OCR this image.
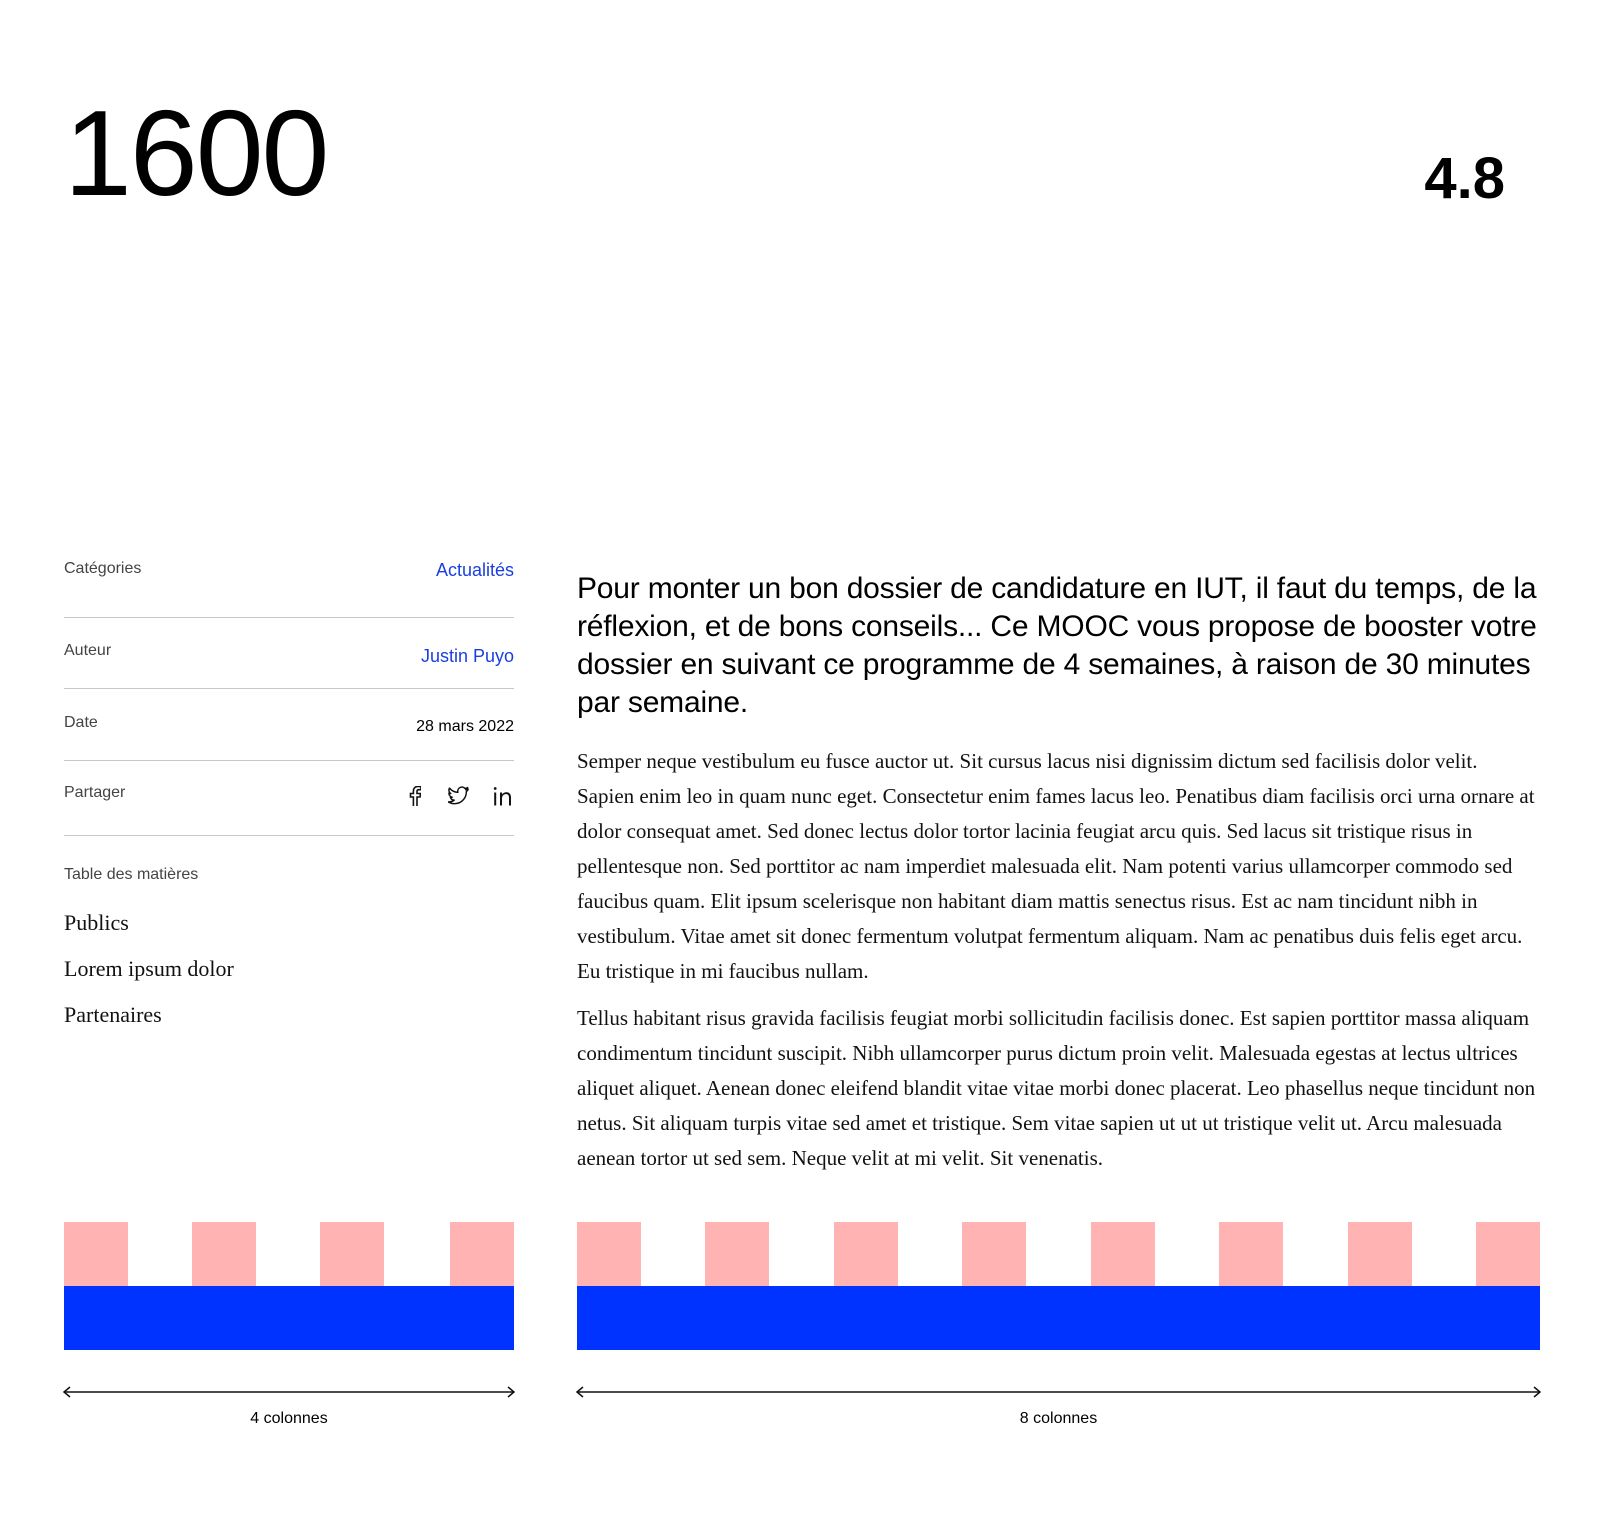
1600	4.8
Catégories	Actualités
Auteur	Justin Puyo
Date	28 mars 2022
Partager
Table des matières
Publics
Lorem ipsum dolor
Partenaires

Pour monter un bon dossier de candidature en IUT, il faut du temps, de la réflexion, et de bons conseils... Ce MOOC vous propose de booster votre dossier en suivant ce programme de 4 semaines, à raison de 30 minutes par semaine.

Semper neque vestibulum eu fusce auctor ut. Sit cursus lacus nisi dignissim dictum sed facilisis dolor velit. Sapien enim leo in quam nunc eget. Consectetur enim fames lacus leo. Penatibus diam facilisis orci urna ornare at dolor consequat amet. Sed donec lectus dolor tortor lacinia feugiat arcu quis. Sed lacus sit tristique risus in pellentesque non. Sed porttitor ac nam imperdiet malesuada elit. Nam potenti varius ullamcorper commodo sed faucibus quam. Elit ipsum scelerisque non habitant diam mattis senectus risus. Est ac nam tincidunt nibh in vestibulum. Vitae amet sit donec fermentum volutpat fermentum aliquam. Nam ac penatibus duis felis eget arcu. Eu tristique in mi faucibus nullam.

Tellus habitant risus gravida facilisis feugiat morbi sollicitudin facilisis donec. Est sapien porttitor massa aliquam condimentum tincidunt suscipit. Nibh ullamcorper purus dictum proin velit. Malesuada egestas at lectus ultrices aliquet aliquet. Aenean donec eleifend blandit vitae vitae morbi donec placerat. Leo phasellus neque tincidunt non netus. Sit aliquam turpis vitae sed amet et tristique. Sem vitae sapien ut ut ut tristique velit ut. Arcu malesuada aenean tortor ut sed sem. Neque velit at mi velit. Sit venenatis.

4 colonnes	8 colonnes
